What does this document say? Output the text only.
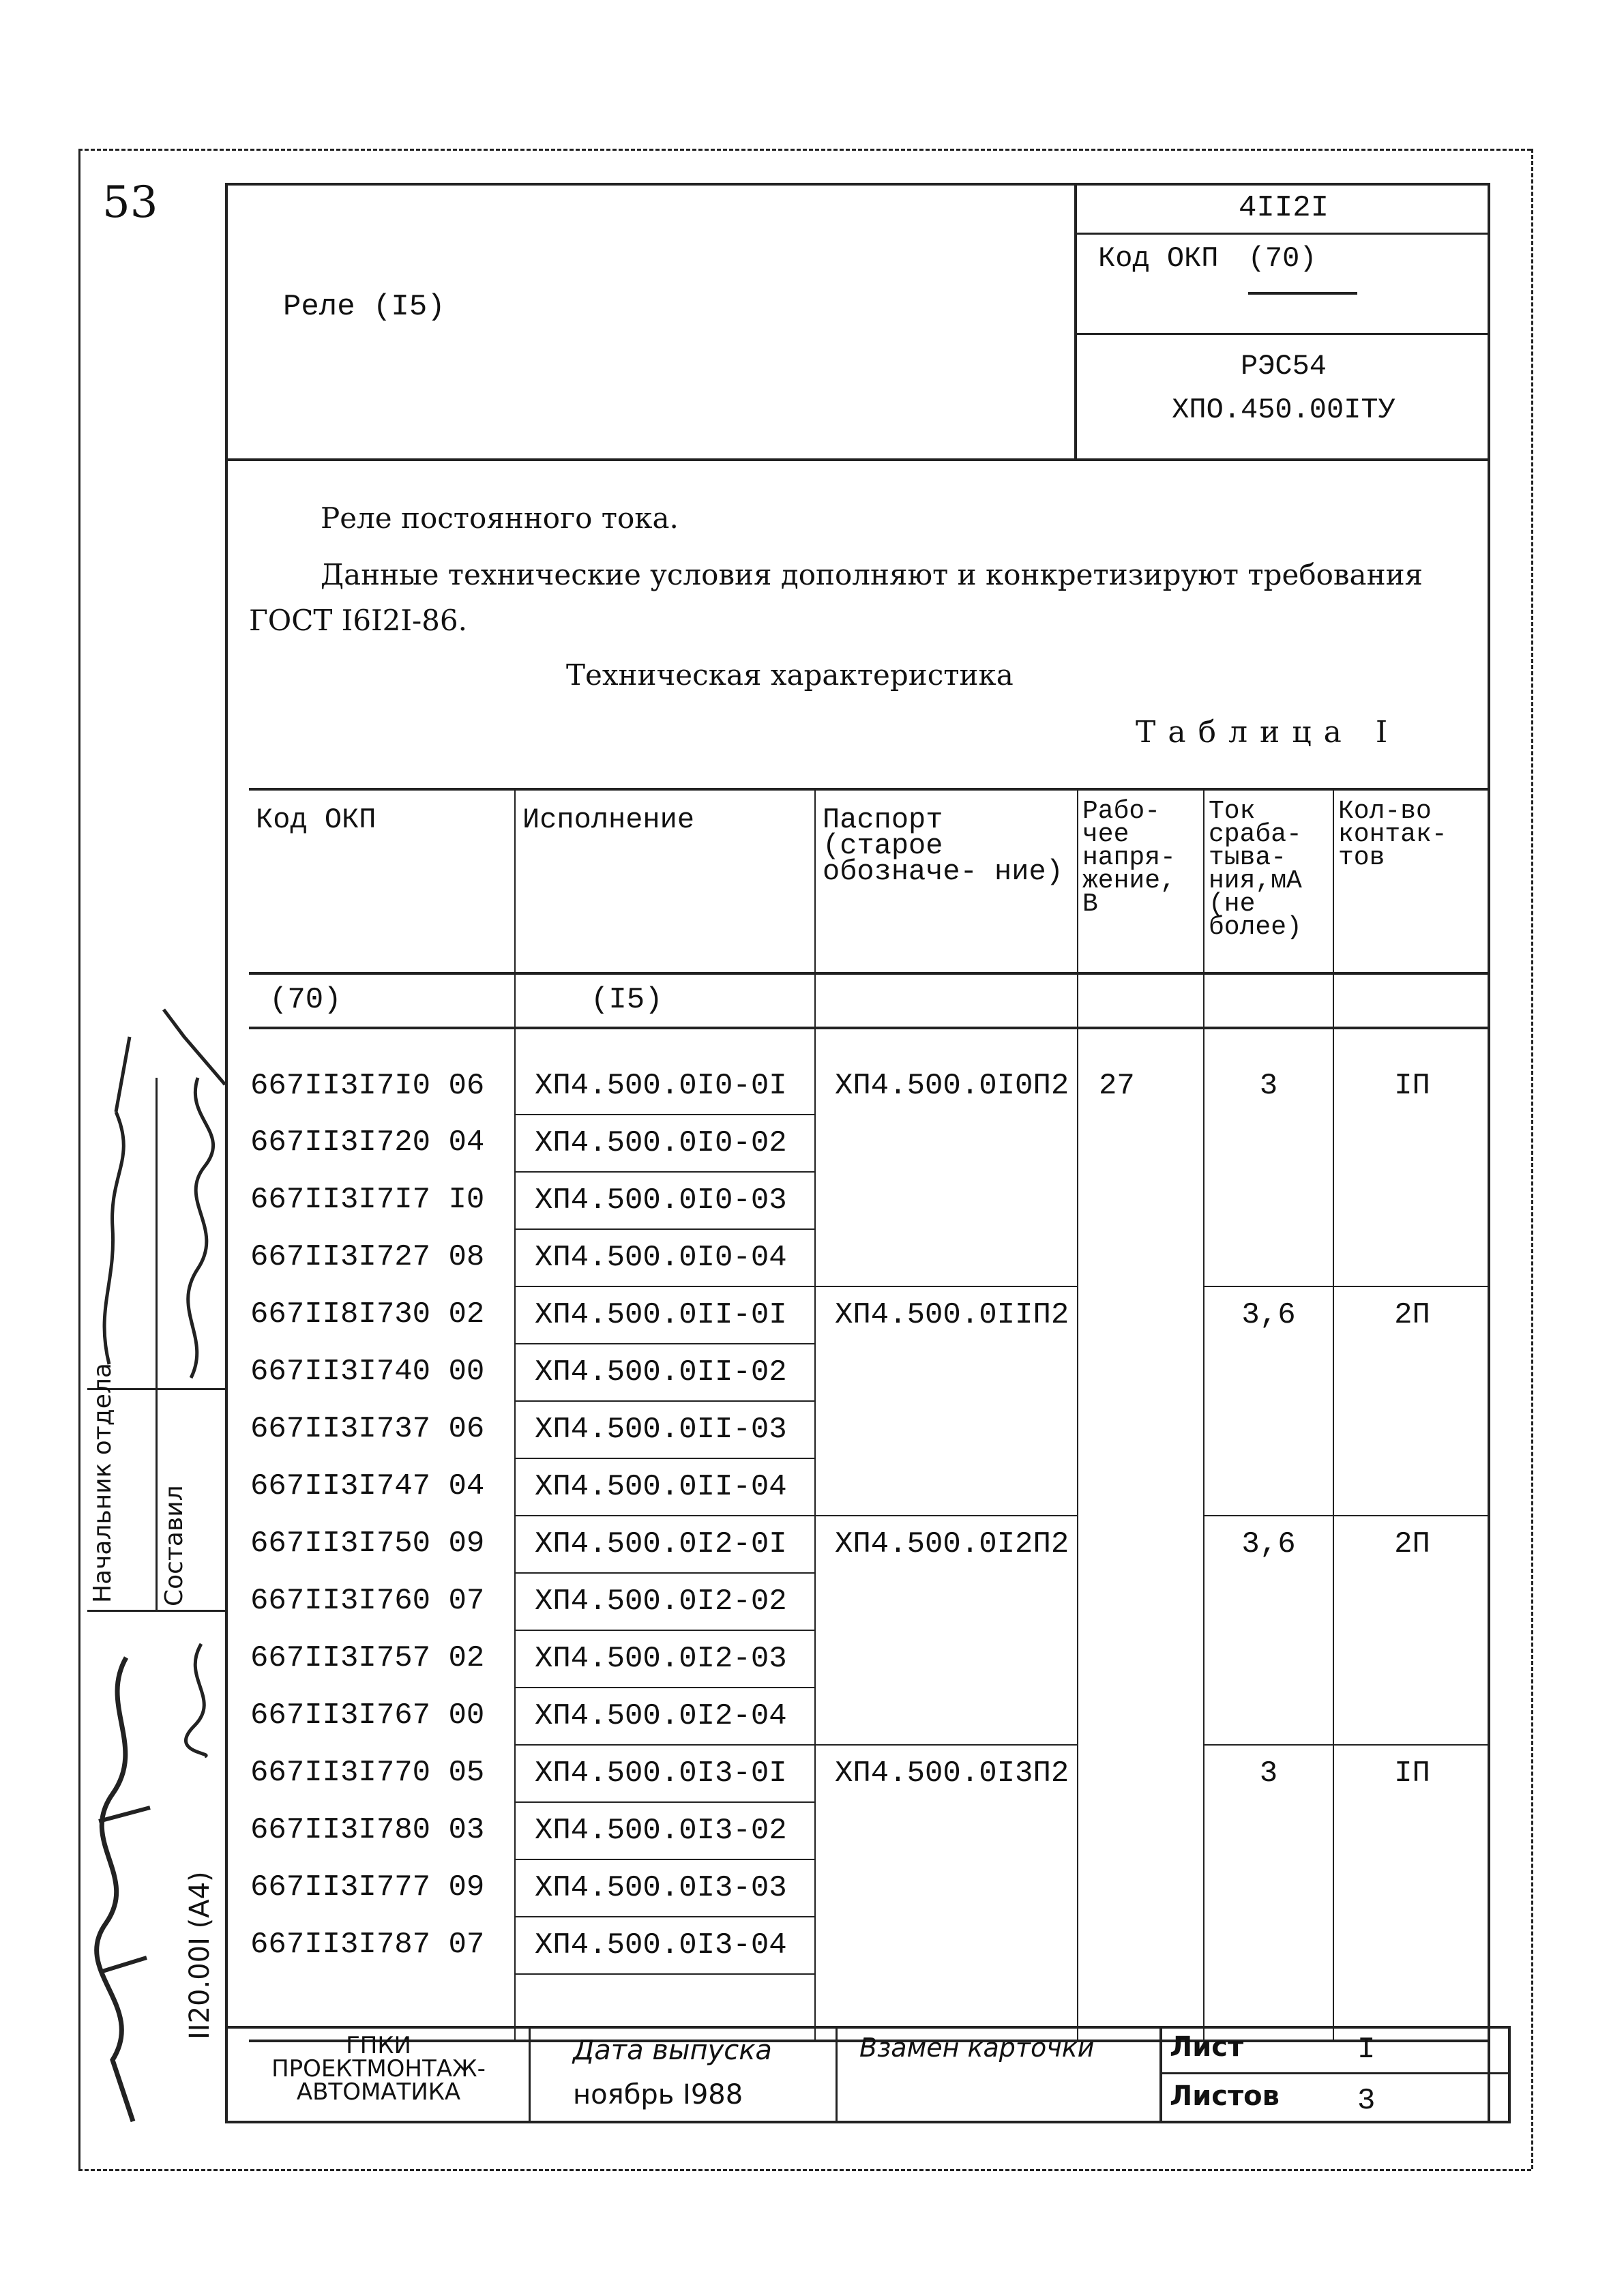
53
Реле (I5)
4II2I
Код ОКП (70)
РЭС54
ХПО.450.00IТУ
Реле постоянного тока.
Данные технические условия дополняют и конкретизируют требования
ГОСТ I6I2I-86.
Техническая характеристика
Таблица I
Код ОКП	Исполнение	Паспорт (старое обозначе- ние)	Рабо- чее напря- жение, В	Ток сраба- тыва- ния,мА (не более)	Кол-во контак- тов
(70)	(I5)				

667II3I7I0 06	ХП4.500.0I0-0I	ХП4.500.0I0П2	27	3	IП
667II3I720 04	ХП4.500.0I0-02				
667II3I7I7 I0	ХП4.500.0I0-03				
667II3I727 08	ХП4.500.0I0-04				
667II8I730 02	ХП4.500.0II-0I	ХП4.500.0IIП2		3,6	2П
667II3I740 00	ХП4.500.0II-02				
667II3I737 06	ХП4.500.0II-03				
667II3I747 04	ХП4.500.0II-04				
667II3I750 09	ХП4.500.0I2-0I	ХП4.500.0I2П2		3,6	2П
667II3I760 07	ХП4.500.0I2-02				
667II3I757 02	ХП4.500.0I2-03				
667II3I767 00	ХП4.500.0I2-04				
667II3I770 05	ХП4.500.0I3-0I	ХП4.500.0I3П2		3	IП
667II3I780 03	ХП4.500.0I3-02				
667II3I777 09	ХП4.500.0I3-03				
667II3I787 07	ХП4.500.0I3-04				

ГПКИ
ПРОЕКТМОНТАЖ-
АВТОМАТИКА
Дата выпуска
ноябрь I988
Взамен карточки	Лист	I
Листов	3
Начальник отдела Составил
II20.00I (А4)
